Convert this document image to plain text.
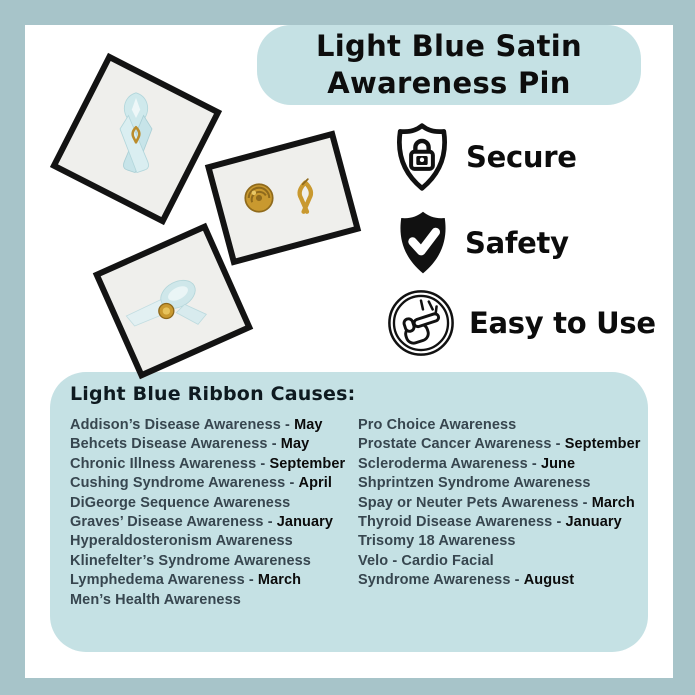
Light Blue Satin
Awareness Pin
Secure
Safety
Easy to Use
Light Blue Ribbon Causes:
Addison’s Disease Awareness - May
Behcets Disease Awareness - May
Chronic Illness Awareness - September
Cushing Syndrome Awareness - April
DiGeorge Sequence Awareness
Graves’ Disease Awareness - January
Hyperaldosteronism Awareness
Klinefelter’s Syndrome Awareness
Lymphedema Awareness - March
Men’s Health Awareness
Pro Choice Awareness
Prostate Cancer Awareness - September
Scleroderma Awareness - June
Shprintzen Syndrome Awareness
Spay or Neuter Pets Awareness - March
Thyroid Disease Awareness - January
Trisomy 18 Awareness
Velo - Cardio Facial
Syndrome Awareness - August
